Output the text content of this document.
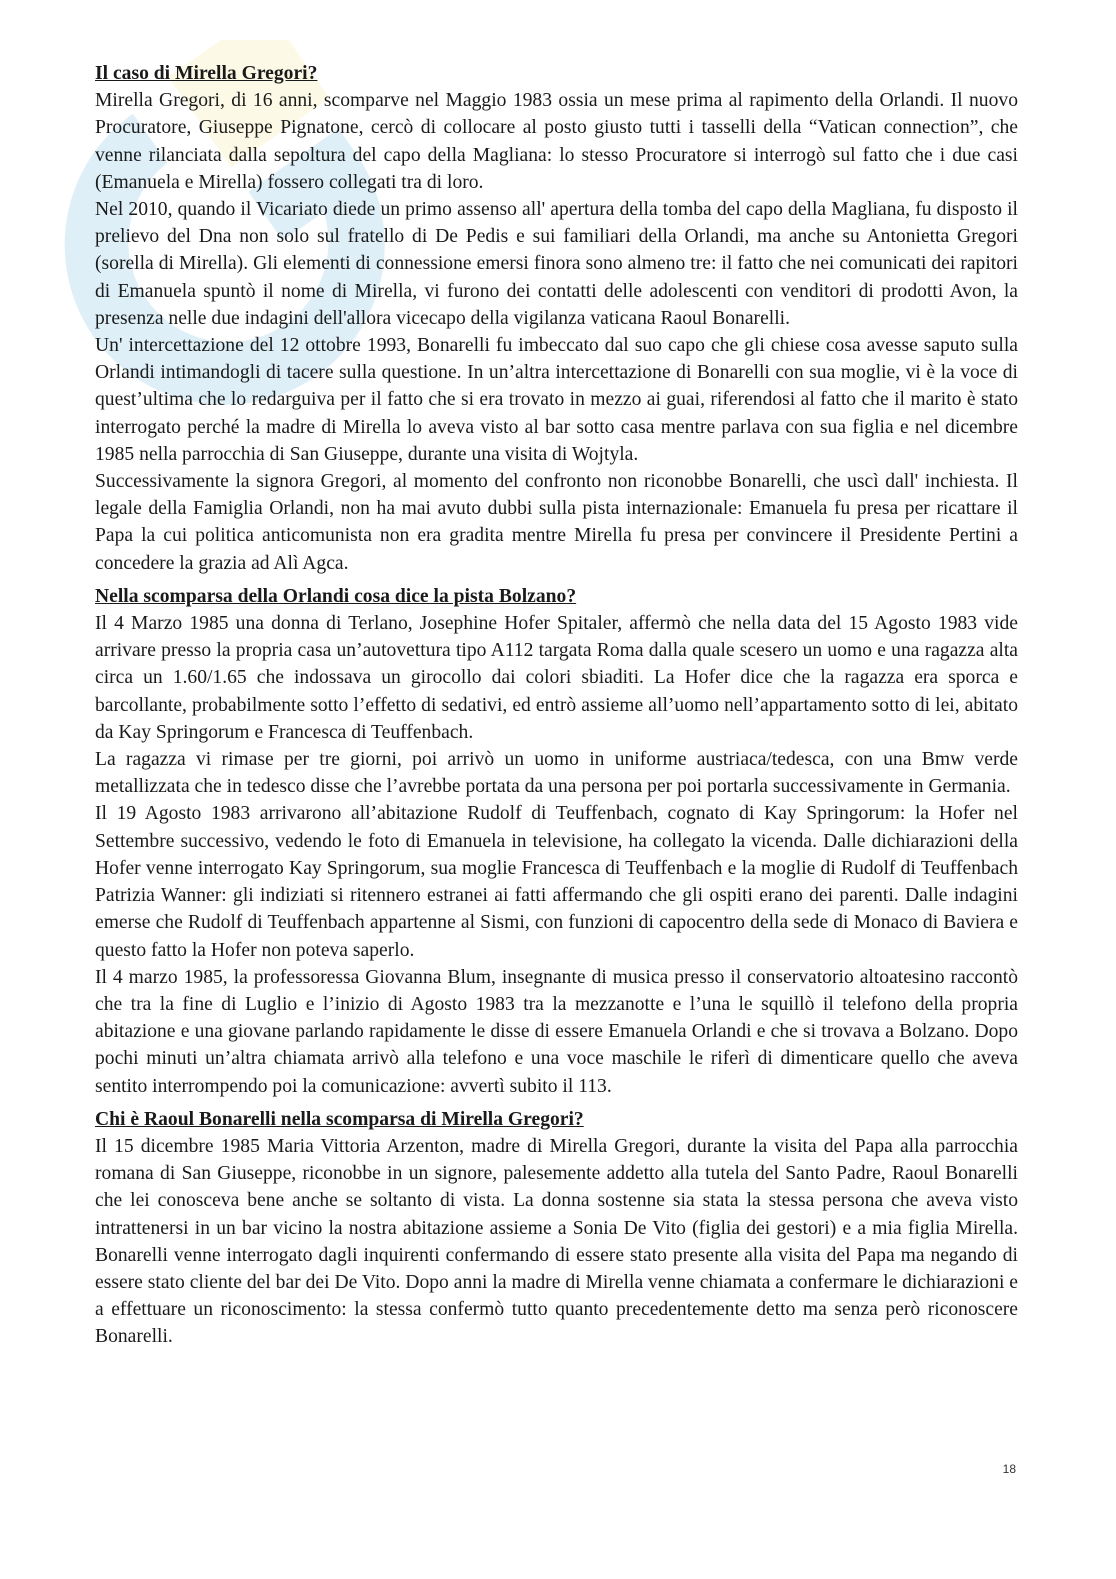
Il caso di Mirella Gregori?

Mirella Gregori, di 16 anni, scomparve nel Maggio 1983 ossia un mese prima al rapimento della Orlandi. Il nuovo Procuratore, Giuseppe Pignatone, cercò di collocare al posto giusto tutti i tasselli della “Vatican connection”, che venne rilanciata dalla sepoltura del capo della Magliana: lo stesso Procuratore si interrogò sul fatto che i due casi (Emanuela e Mirella) fossero collegati tra di loro.

Nel 2010, quando il Vicariato diede un primo assenso all' apertura della tomba del capo della Magliana, fu disposto il prelievo del Dna non solo sul fratello di De Pedis e sui familiari della Orlandi, ma anche su Antonietta Gregori (sorella di Mirella). Gli elementi di connessione emersi finora sono almeno tre: il fatto che nei comunicati dei rapitori di Emanuela spuntò il nome di Mirella, vi furono dei contatti delle adolescenti con venditori di prodotti Avon, la presenza nelle due indagini dell'allora vicecapo della vigilanza vaticana Raoul Bonarelli.

Un' intercettazione del 12 ottobre 1993, Bonarelli fu imbeccato dal suo capo che gli chiese cosa avesse saputo sulla Orlandi intimandogli di tacere sulla questione. In un’altra intercettazione di Bonarelli con sua moglie, vi è la voce di quest’ultima che lo redarguiva per il fatto che si era trovato in mezzo ai guai, riferendosi al fatto che il marito è stato interrogato perché la madre di Mirella lo aveva visto al bar sotto casa mentre parlava con sua figlia e nel dicembre 1985 nella parrocchia di San Giuseppe, durante una visita di Wojtyla.

Successivamente la signora Gregori, al momento del confronto non riconobbe Bonarelli, che uscì dall' inchiesta. Il legale della Famiglia Orlandi, non ha mai avuto dubbi sulla pista internazionale: Emanuela fu presa per ricattare il Papa la cui politica anticomunista non era gradita mentre Mirella fu presa per convincere il Presidente Pertini a concedere la grazia ad Alì Agca.

Nella scomparsa della Orlandi cosa dice la pista Bolzano?

Il 4 Marzo 1985 una donna di Terlano, Josephine Hofer Spitaler, affermò che nella data del 15 Agosto 1983 vide arrivare presso la propria casa un’autovettura tipo A112 targata Roma dalla quale scesero un uomo e una ragazza alta circa un 1.60/1.65 che indossava un girocollo dai colori sbiaditi. La Hofer dice che la ragazza era sporca e barcollante, probabilmente sotto l’effetto di sedativi, ed entrò assieme all’uomo nell’appartamento sotto di lei, abitato da Kay Springorum e Francesca di Teuffenbach.

La ragazza vi rimase per tre giorni, poi arrivò un uomo in uniforme austriaca/tedesca, con una Bmw verde metallizzata che in tedesco disse che l’avrebbe portata da una persona per poi portarla successivamente in Germania.

Il 19 Agosto 1983 arrivarono all’abitazione Rudolf di Teuffenbach, cognato di Kay Springorum: la Hofer nel Settembre successivo, vedendo le foto di Emanuela in televisione, ha collegato la vicenda. Dalle dichiarazioni della Hofer venne interrogato Kay Springorum, sua moglie Francesca di Teuffenbach e la moglie di Rudolf di Teuffenbach Patrizia Wanner: gli indiziati si ritennero estranei ai fatti affermando che gli ospiti erano dei parenti. Dalle indagini emerse che Rudolf di Teuffenbach appartenne al Sismi, con funzioni di capocentro della sede di Monaco di Baviera e questo fatto la Hofer non poteva saperlo.

Il 4 marzo 1985, la professoressa Giovanna Blum, insegnante di musica presso il conservatorio altoatesino raccontò che tra la fine di Luglio e l’inizio di Agosto 1983 tra la mezzanotte e l’una le squillò il telefono della propria abitazione e una giovane parlando rapidamente le disse di essere Emanuela Orlandi e che si trovava a Bolzano. Dopo pochi minuti un’altra chiamata arrivò alla telefono e una voce maschile le riferì di dimenticare quello che aveva sentito interrompendo poi la comunicazione: avvertì subito il 113.

Chi è Raoul Bonarelli nella scomparsa di Mirella Gregori?

Il 15 dicembre 1985 Maria Vittoria Arzenton, madre di Mirella Gregori, durante la visita del Papa alla parrocchia romana di San Giuseppe, riconobbe in un signore, palesemente addetto alla tutela del Santo Padre, Raoul Bonarelli che lei conosceva bene anche se soltanto di vista. La donna sostenne sia stata la stessa persona che aveva visto intrattenersi in un bar vicino la nostra abitazione assieme a Sonia De Vito (figlia dei gestori) e a mia figlia Mirella. Bonarelli venne interrogato dagli inquirenti confermando di essere stato presente alla visita del Papa ma negando di essere stato cliente del bar dei De Vito. Dopo anni la madre di Mirella venne chiamata a confermare le dichiarazioni e a effettuare un riconoscimento: la stessa confermò tutto quanto precedentemente detto ma senza però riconoscere Bonarelli.

18
